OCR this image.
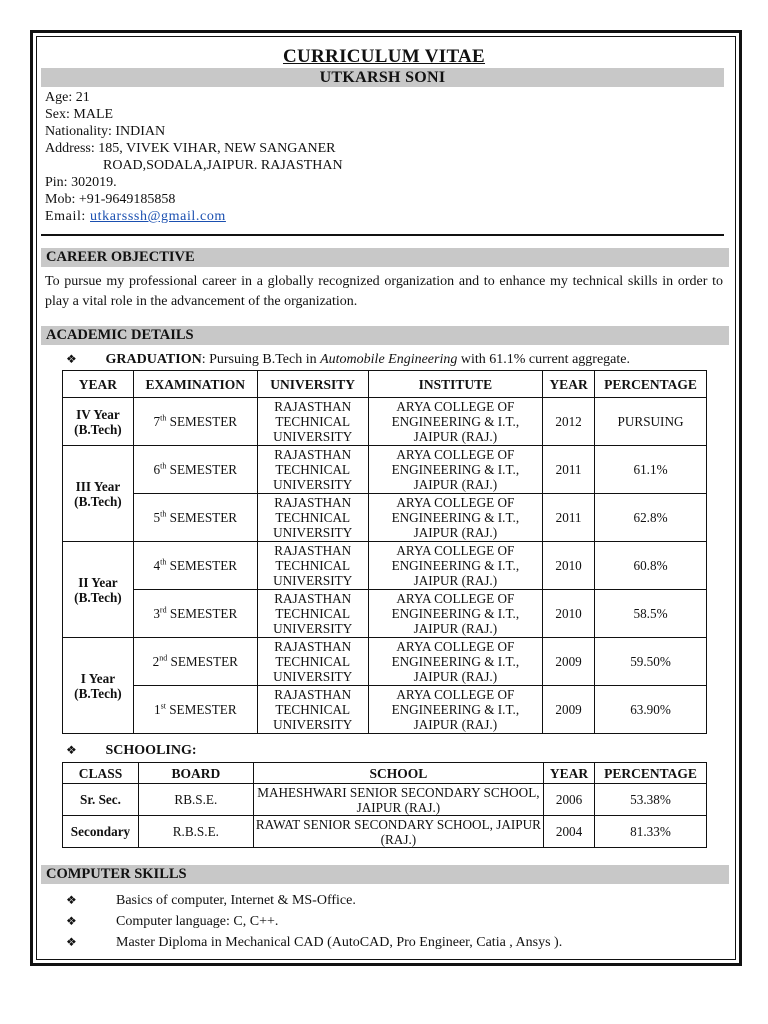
CURRICULUM VITAE
UTKARSH SONI
Age: 21
Sex: MALE
Nationality: INDIAN
Address: 185, VIVEK VIHAR, NEW SANGANER
ROAD,SODALA,JAIPUR. RAJASTHAN
Pin: 302019.
Mob: +91-9649185858
Email: utkarsssh@gmail.com
CAREER OBJECTIVE
To pursue my professional career in a globally recognized organization and to enhance my technical skills in order to play a vital role in the advancement of the organization.
ACADEMIC DETAILS
❖ GRADUATION: Pursuing B.Tech in Automobile Engineering with 61.1% current aggregate.
YEAR	EXAMINATION	UNIVERSITY	INSTITUTE	YEAR	PERCENTAGE
IV Year (B.Tech)	7th SEMESTER	RAJASTHAN TECHNICAL UNIVERSITY	ARYA COLLEGE OF ENGINEERING & I.T., JAIPUR (RAJ.)	2012	PURSUING
III Year (B.Tech)	6th SEMESTER	RAJASTHAN TECHNICAL UNIVERSITY	ARYA COLLEGE OF ENGINEERING & I.T., JAIPUR (RAJ.)	2011	61.1%
	5th SEMESTER	RAJASTHAN TECHNICAL UNIVERSITY	ARYA COLLEGE OF ENGINEERING & I.T., JAIPUR (RAJ.)	2011	62.8%
II Year (B.Tech)	4th SEMESTER	RAJASTHAN TECHNICAL UNIVERSITY	ARYA COLLEGE OF ENGINEERING & I.T., JAIPUR (RAJ.)	2010	60.8%
	3rd SEMESTER	RAJASTHAN TECHNICAL UNIVERSITY	ARYA COLLEGE OF ENGINEERING & I.T., JAIPUR (RAJ.)	2010	58.5%
I Year (B.Tech)	2nd SEMESTER	RAJASTHAN TECHNICAL UNIVERSITY	ARYA COLLEGE OF ENGINEERING & I.T., JAIPUR (RAJ.)	2009	59.50%
	1st SEMESTER	RAJASTHAN TECHNICAL UNIVERSITY	ARYA COLLEGE OF ENGINEERING & I.T., JAIPUR (RAJ.)	2009	63.90%
❖ SCHOOLING:
CLASS	BOARD	SCHOOL	YEAR	PERCENTAGE
Sr. Sec.	RB.S.E.	MAHESHWARI SENIOR SECONDARY SCHOOL, JAIPUR (RAJ.)	2006	53.38%
Secondary	R.B.S.E.	RAWAT SENIOR SECONDARY SCHOOL, JAIPUR (RAJ.)	2004	81.33%
COMPUTER SKILLS
❖	Basics of computer, Internet & MS-Office.
❖	Computer language: C, C++.
❖	Master Diploma in Mechanical CAD (AutoCAD, Pro Engineer, Catia , Ansys ).
